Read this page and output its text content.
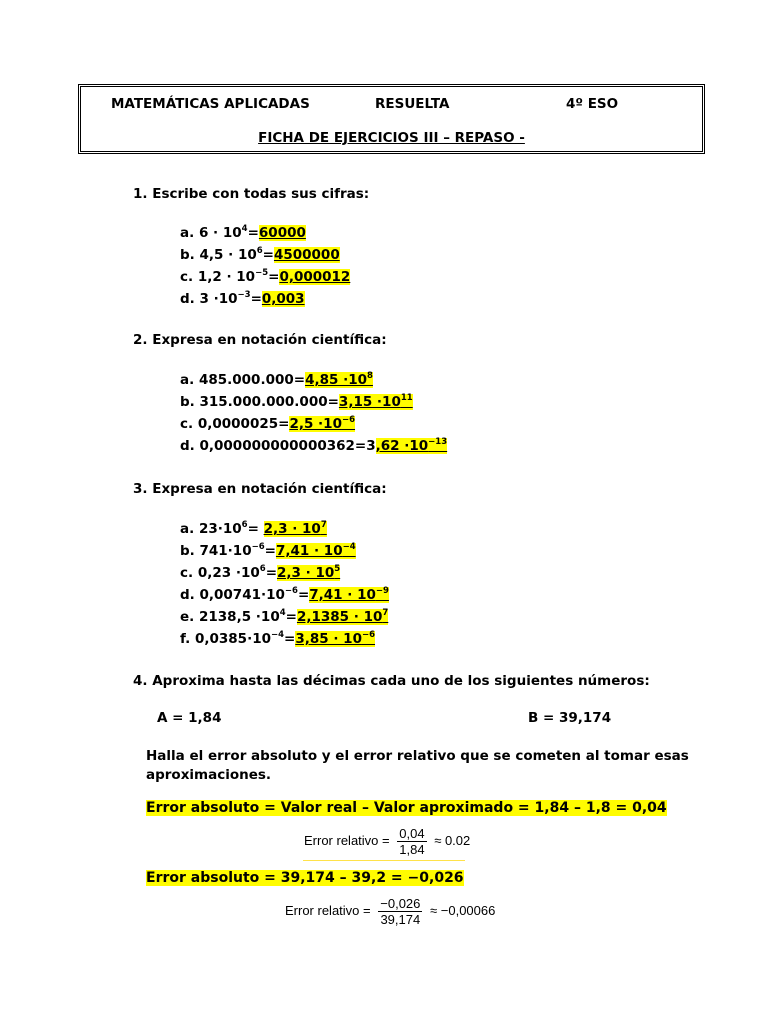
MATEMÁTICAS APLICADAS	RESUELTA	4º ESO
FICHA DE EJERCICIOS III – REPASO -
1. Escribe con todas sus cifras:
a. $6 \cdot 10^4=60000$
b. $4,5 \cdot 10^6=4500000$
c. $1,2 \cdot 10^{-5}=0,000012$
d. $3 \cdot 10^{-3}=0,003$
2. Expresa en notación científica:
a. $485.000.000=4,85 \cdot 10^8$
b. $315.000.000.000=3,15 \cdot 10^{11}$
c. $0,0000025=2,5 \cdot 10^{-6}$
d. $0,000000000000362=3,62 \cdot 10^{-13}$
3. Expresa en notación científica:
a. $23\cdot 10^6= 2,3 \cdot 10^7$
b. $741\cdot 10^{-6}=7,41 \cdot 10^{-4}$
c. $0,23 \cdot 10^6=2,3 \cdot 10^5$
d. $0,00741\cdot 10^{-6}=7,41 \cdot 10^{-9}$
e. $2138,5 \cdot 10^4=2,1385 \cdot 10^7$
f. $0,0385\cdot 10^{-4}=3,85 \cdot 10^{-6}$
4. Aproxima hasta las décimas cada uno de los siguientes números:
A = 1,84	B = 39,174
Halla el error absoluto y el error relativo que se cometen al tomar esas
aproximaciones.
Error absoluto = Valor real – Valor aproximado = 1,84 – 1,8 = 0,04
Error relativo = $\frac{0,04}{1,84} \approx 0.02$
Error absoluto = 39,174 – 39,2 = −0,026
Error relativo = $\frac{-0,026}{39,174} \approx -0,00066$
